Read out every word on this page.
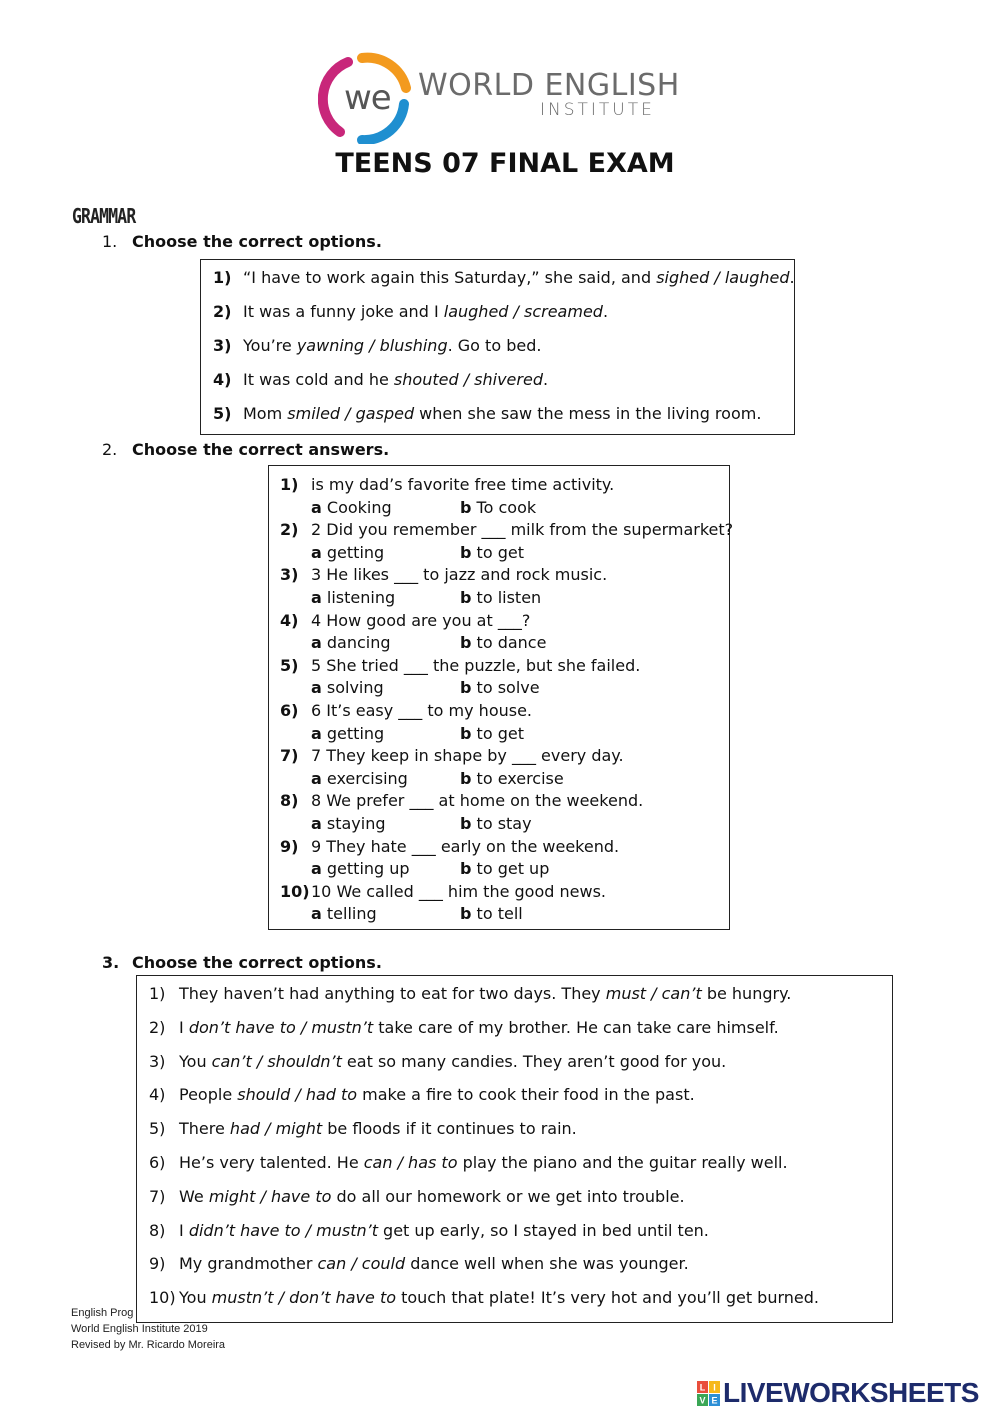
we WORLD ENGLISH
INSTITUTE
TEENS 07 FINAL EXAM
GRAMMAR
1. Choose the correct options.
1) “I have to work again this Saturday,” she said, and sighed / laughed.
2) It was a funny joke and I laughed / screamed.
3) You’re yawning / blushing. Go to bed.
4) It was cold and he shouted / shivered.
5) Mom smiled / gasped when she saw the mess in the living room.
2. Choose the correct answers.
1) is my dad’s favorite free time activity.
a Cooking	b To cook
2) 2 Did you remember ___ milk from the supermarket?
a getting	b to get
3) 3 He likes ___ to jazz and rock music.
a listening	b to listen
4) 4 How good are you at ___?
a dancing	b to dance
5) 5 She tried ___ the puzzle, but she failed.
a solving	b to solve
6) 6 It’s easy ___ to my house.
a getting	b to get
7) 7 They keep in shape by ___ every day.
a exercising	b to exercise
8) 8 We prefer ___ at home on the weekend.
a staying	b to stay
9) 9 They hate ___ early on the weekend.
a getting up	b to get up
10)10 We called ___ him the good news.
a telling	b to tell
3. Choose the correct options.
English Prog
World English Institute 2019
Revised by Mr. Ricardo Moreira
1) They haven’t had anything to eat for two days. They must / can’t be hungry.
2) I don’t have to / mustn’t take care of my brother. He can take care himself.
3) You can’t / shouldn’t eat so many candies. They aren’t good for you.
4) People should / had to make a fire to cook their food in the past.
5) There had / might be floods if it continues to rain.
6) He’s very talented. He can / has to play the piano and the guitar really well.
7) We might / have to do all our homework or we get into trouble.
8) I didn’t have to / mustn’t get up early, so I stayed in bed until ten.
9) My grandmother can / could dance well when she was younger.
10) You mustn’t / don’t have to touch that plate! It’s very hot and you’ll get burned.
L I
V E LIVEWORKSHEETS
